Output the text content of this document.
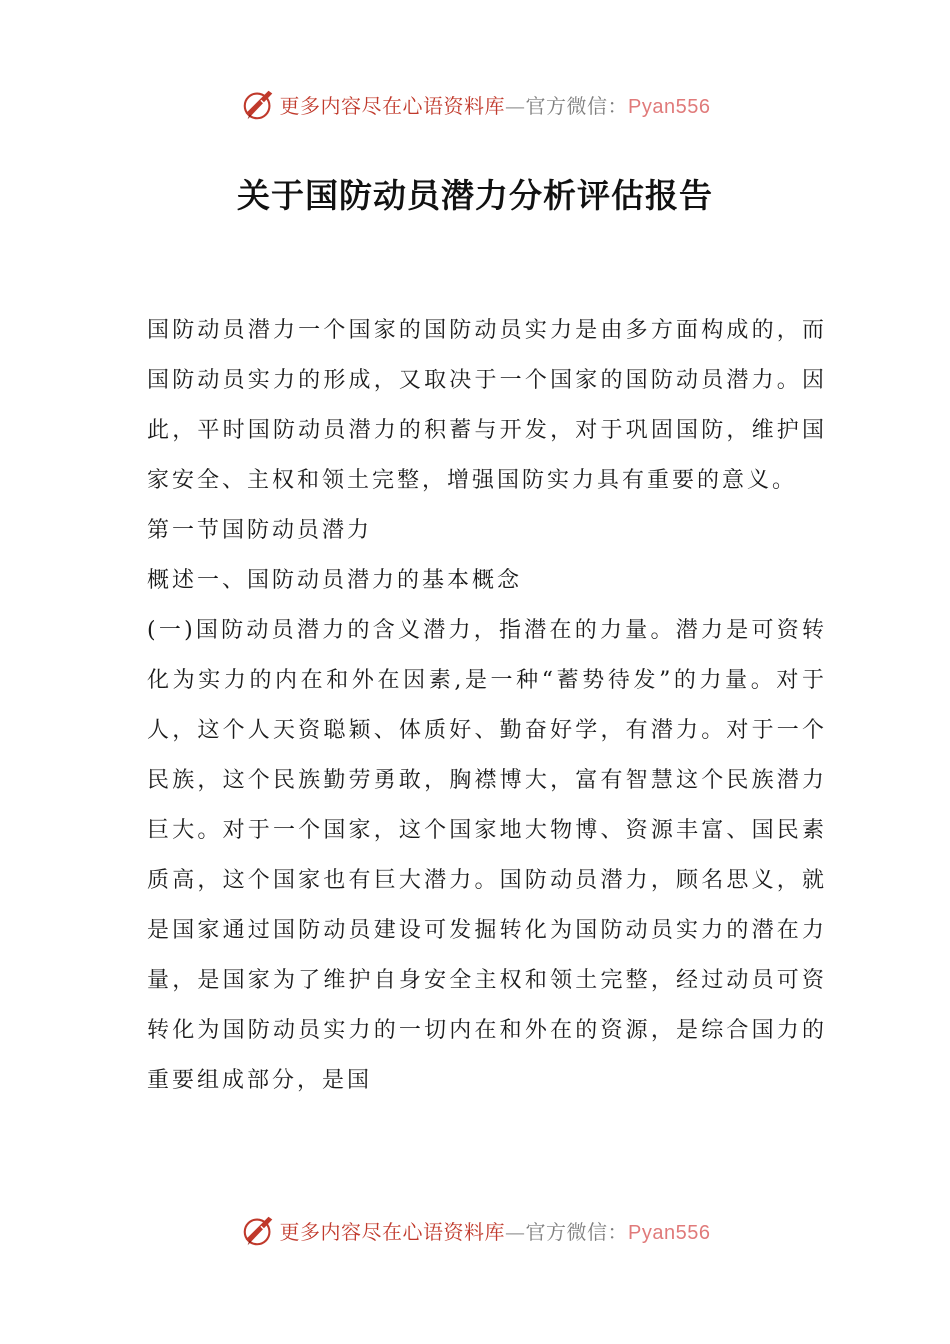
更多内容尽在心语资料库—官方微信：Pyan556
关于国防动员潜力分析评估报告

国防动员潜力一个国家的国防动员实力是由多方面构成的，而国防动员实力的形成，又取决于一个国家的国防动员潜力。因此，平时国防动员潜力的积蓄与开发，对于巩固国防，维护国家安全、主权和领土完整，增强国防实力具有重要的意义。

第一节国防动员潜力

概述一、国防动员潜力的基本概念

(一)国防动员潜力的含义潜力，指潜在的力量。潜力是可资转化为实力的内在和外在因素,是一种“蓄势待发”的力量。对于人，这个人天资聪颖、体质好、勤奋好学，有潜力。对于一个民族，这个民族勤劳勇敢，胸襟博大，富有智慧这个民族潜力巨大。对于一个国家，这个国家地大物博、资源丰富、国民素质高，这个国家也有巨大潜力。国防动员潜力，顾名思义，就是国家通过国防动员建设可发掘转化为国防动员实力的潜在力量，是国家为了维护自身安全主权和领土完整，经过动员可资转化为国防动员实力的一切内在和外在的资源，是综合国力的重要组成部分，是国

更多内容尽在心语资料库—官方微信：Pyan556
